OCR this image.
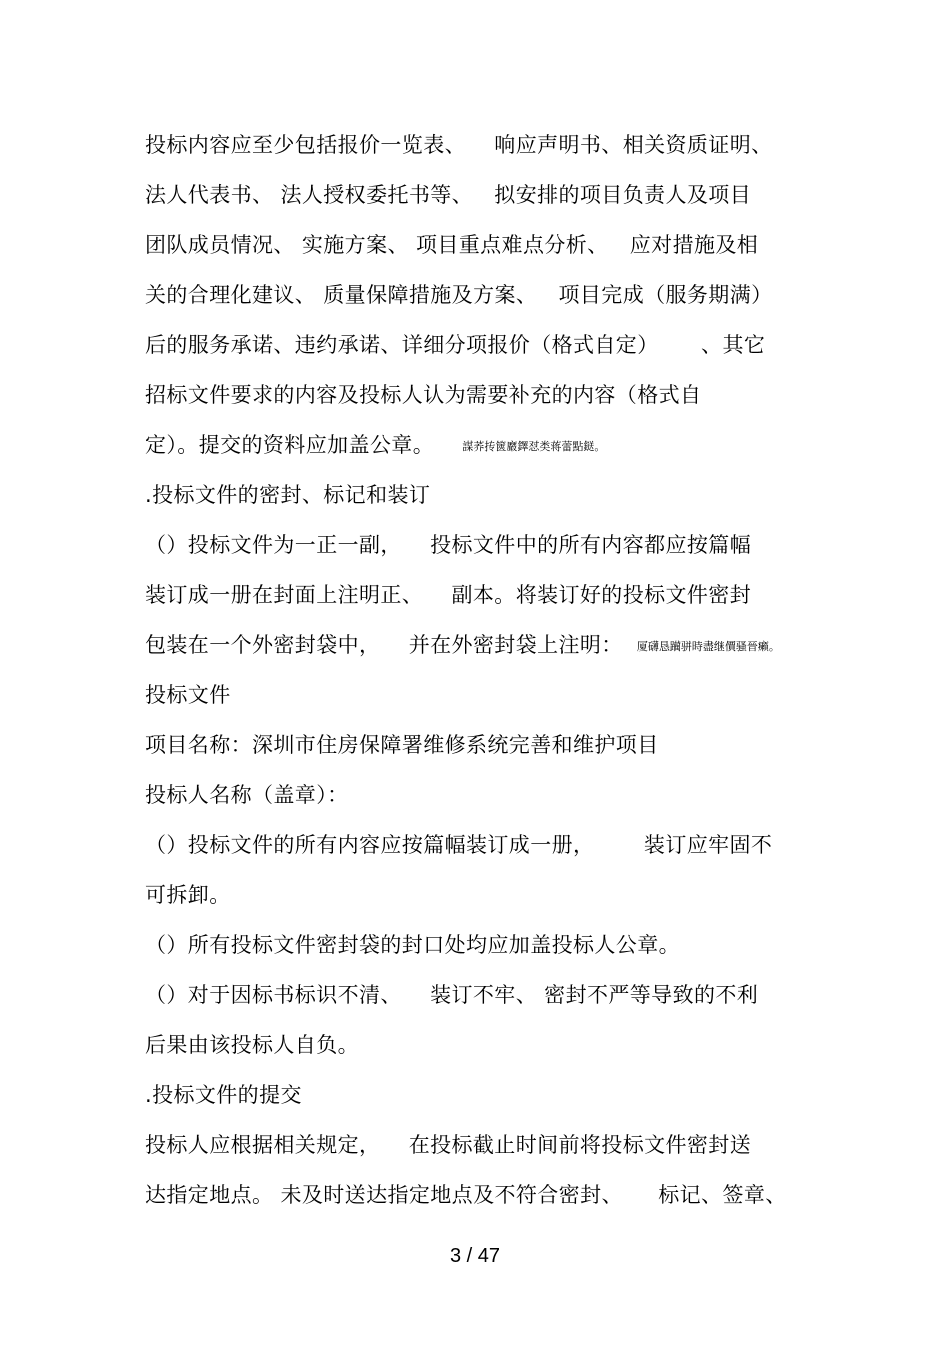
投标内容应至少包括报价一览表、    响应声明书、相关资质证明、
法人代表书、 法人授权委托书等、   拟安排的项目负责人及项目
团队成员情况、 实施方案、 项目重点难点分析、   应对措施及相
关的合理化建议、 质量保障措施及方案、   项目完成（服务期满）
后的服务承诺、违约承诺、详细分项报价（格式自定）      、其它
招标文件要求的内容及投标人认为需要补充的内容（格式自
定）。提交的资料应加盖公章。	謀荞抟篋黀鐸怼类蒋蕾點鎹。
.投标文件的密封、标记和装订
（）投标文件为一正一副，    投标文件中的所有内容都应按篇幅
装订成一册在封面上注明正、    副本。将装订好的投标文件密封
包装在一个外密封袋中，    并在外密封袋上注明： 厦礴恳躏骈時盡继價骚晉癩。
投标文件
项目名称：深圳市住房保障署维修系统完善和维护项目
投标人名称（盖章）：
（）投标文件的所有内容应按篇幅装订成一册，       装订应牢固不
可拆卸。
（）所有投标文件密封袋的封口处均应加盖投标人公章。
（）对于因标书标识不清、    装订不牢、 密封不严等导致的不利
后果由该投标人自负。
.投标文件的提交
投标人应根据相关规定，    在投标截止时间前将投标文件密封送
达指定地点。 未及时送达指定地点及不符合密封、     标记、签章、
3 / 47
